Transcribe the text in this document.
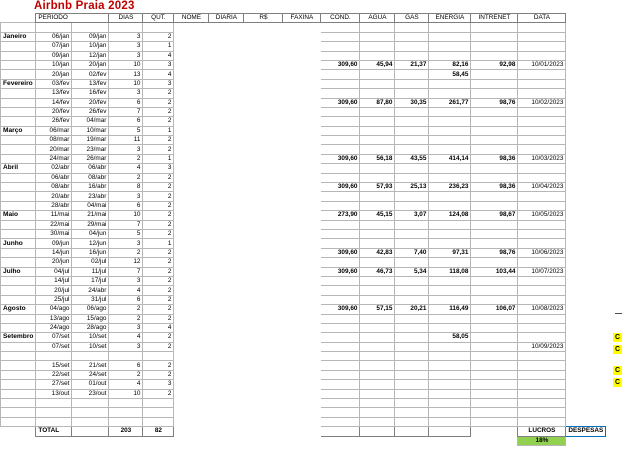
Airbnb Praia 2023
	PERIODO		DIAS	QUT.	NOME	DIARIA	R$	FAXINA	COND.	AGUA	GAS	ENERGIA	INTRENET	DATA	

Janeiro	06/jan	09/jan	3	2											
	07/jan	10/jan	3	1											
	09/jan	12/jan	3	4											
	10/jan	20/jan	10	3					309,60	45,94	21,37	82,16	92,98	10/01/2023	
	20/jan	02/fev	13	4								58,45			
Fevereiro	03/fev	13/fev	10	3											
	13/fev	16/fev	3	2											
	14/fev	20/fev	6	2					309,60	87,80	30,35	261,77	98,76	10/02/2023	
	20/fev	26/fev	7	2											
	26/fev	04/mar	6	2											
Março	06/mar	10/mar	5	1											
	08/mar	19/mar	11	2											
	20/mar	23/mar	3	2											
	24/mar	26/mar	2	1					309,60	56,18	43,55	414,14	98,36	10/03/2023	
Abril	02/abr	06/abr	4	3											
	06/abr	08/abr	2	2											
	08/abr	16/abr	8	2					309,60	57,93	25,13	236,23	98,36	10/04/2023	
	20/abr	23/abr	3	2											
	28/abr	04/mai	6	2											
Maio	11/mai	21/mai	10	2					273,90	45,15	3,07	124,08	98,67	10/05/2023	
	22/mai	29/mai	7	2											
	30/mai	04/jun	5	2											
Junho	09/jun	12/jun	3	1											
	14/jun	16/jun	2	2					309,60	42,83	7,40	97,31	98,76	10/06/2023	
	20/jun	02/jul	12	2											
Julho	04/jul	11/jul	7	2					309,60	46,73	5,34	118,08	103,44	10/07/2023	
	14/jul	17/jul	3	2											
	20/jul	24/abr	4	2											
	25/jul	31/jul	6	2											
Agosto	04/ago	06/ago	2	2					309,60	57,15	20,21	116,49	106,07	10/08/2023	
	13/ago	15/ago	2	2											
	24/ago	28/ago	3	4											
Setembro	07/set	10/set	4	2								58,05			
	07/set	10/set	3	2										10/09/2023	

	15/set	21/set	6	2											
	22/set	24/set	2	2											
	27/set	01/out	4	3											
	13/out	23/out	10	2											

	TOTAL		203	82										LUCROS	DESPESAS
														18%	
C
C
C
C
